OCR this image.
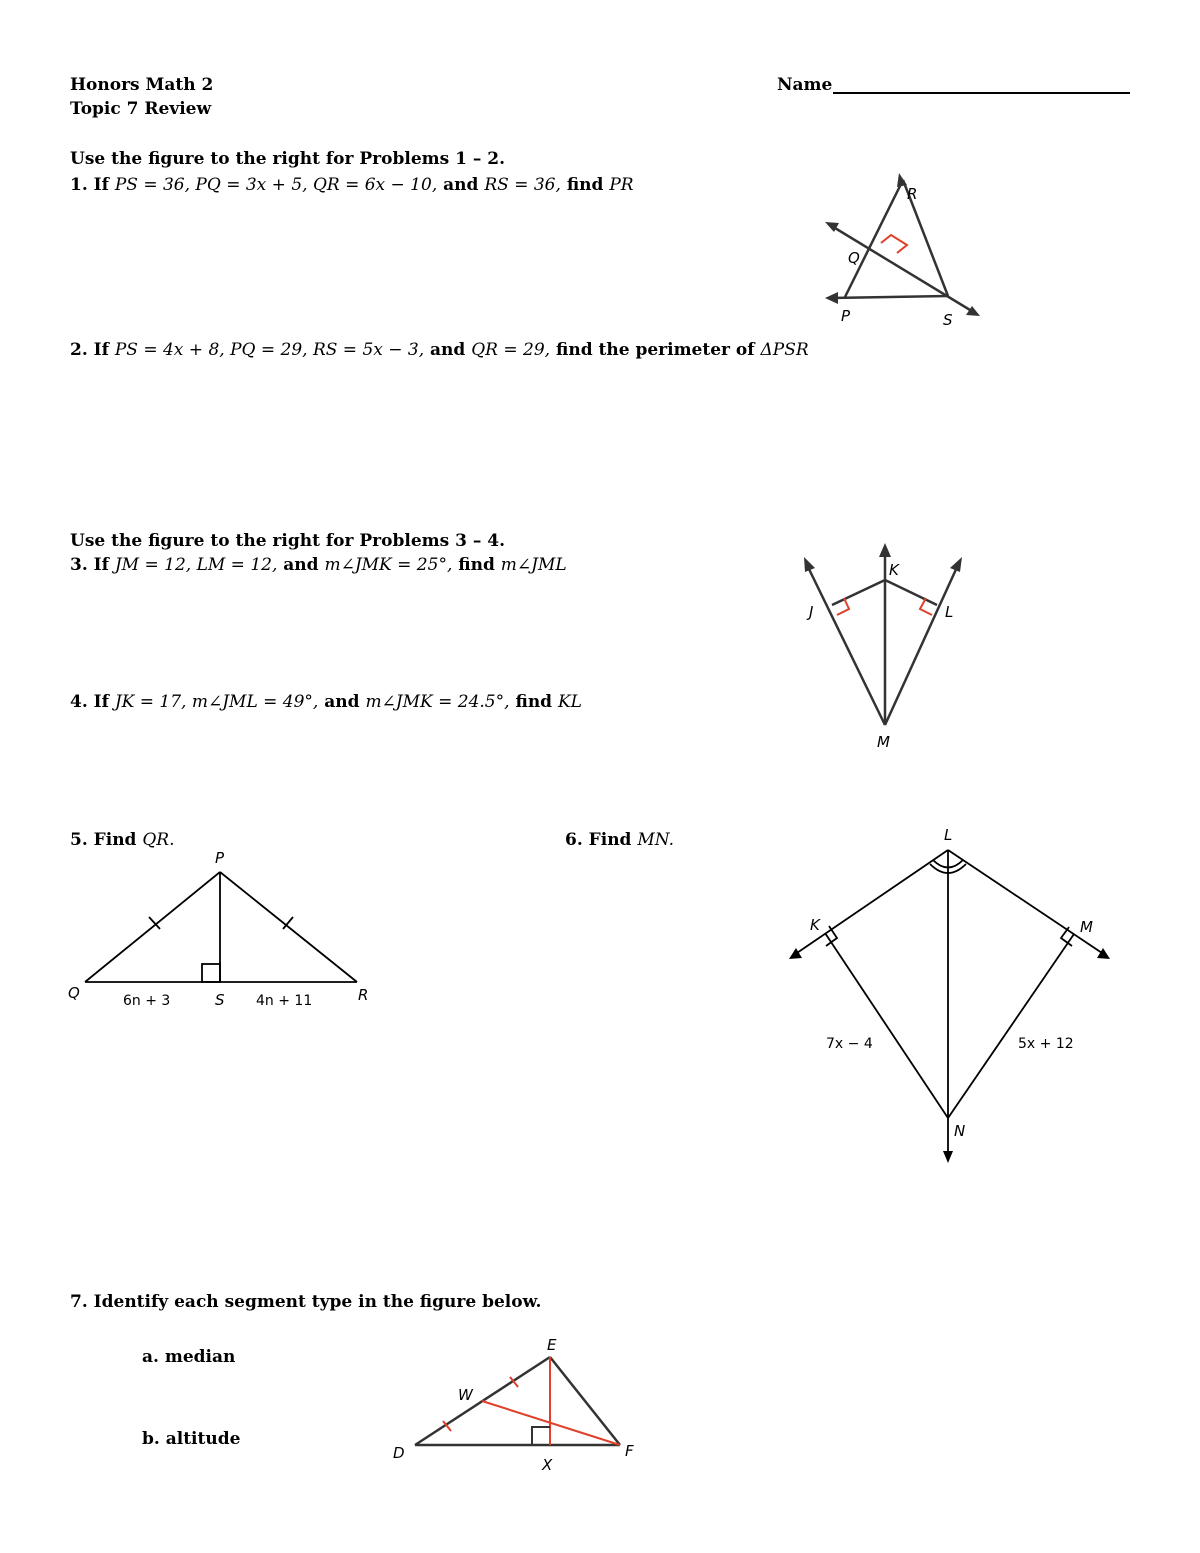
Honors Math 2
Topic 7 Review
Name
Use the figure to the right for Problems 1 – 2.
1. If PS = 36, PQ = 3x + 5, QR = 6x − 10, and RS = 36, find PR	R
Q
P	S
2. If PS = 4x + 8, PQ = 29, RS = 5x − 3, and QR = 29, find the perimeter of ΔPSR
Use the figure to the right for Problems 3 – 4.
3. If JM = 12, LM = 12, and m∠JMK = 25°, find m∠JML	K
J	L
M
4. If JK = 17, m∠JML = 49°, and m∠JMK = 24.5°, find KL
5. Find QR.
P
Q	S	R
6n + 3	4n + 11
6. Find MN.	L
K	M
N
7x − 4	5x + 12
7. Identify each segment type in the figure below.
a. median
b. altitude
E
W
D
X
F
